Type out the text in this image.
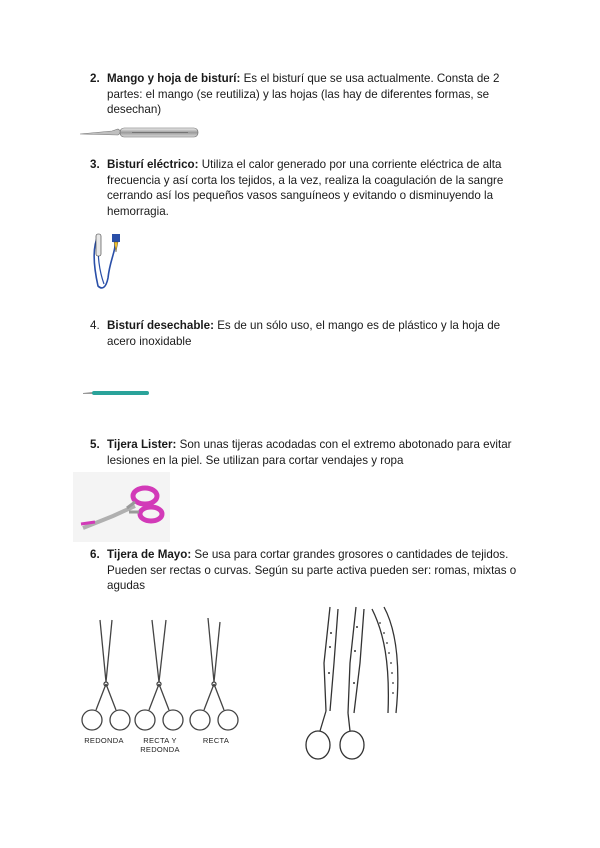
2. Mango y hoja de bisturí: Es el bisturí que se usa actualmente. Consta de 2 partes: el mango (se reutiliza) y las hojas (las hay de diferentes formas, se desechan)
3. Bisturí eléctrico: Utiliza el calor generado por una corriente eléctrica de alta frecuencia y así corta los tejidos, a la vez, realiza la coagulación de la sangre cerrando así los pequeños vasos sanguíneos y evitando o disminuyendo la hemorragia.
4. Bisturí desechable: Es de un sólo uso, el mango es de plástico y la hoja de acero inoxidable
5. Tijera Lister: Son unas tijeras acodadas con el extremo abotonado para evitar lesiones en la piel. Se utilizan para cortar vendajes y ropa
6. Tijera de Mayo: Se usa para cortar grandes grosores o cantidades de tejidos. Pueden ser rectas o curvas. Según su parte activa pueden ser: romas, mixtas o agudas
REDONDA	RECTA Y
REDONDA
RECTA
